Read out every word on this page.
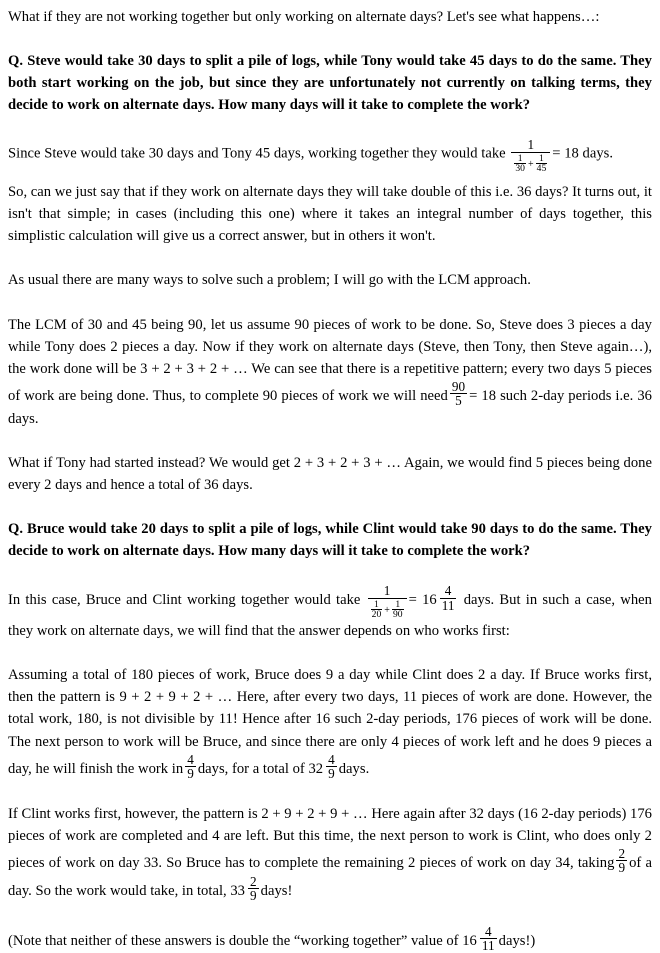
What if they are not working together but only working on alternate days? Let's see what happens…:

Q. Steve would take 30 days to split a pile of logs, while Tony would take 45 days to do the same. They both start working on the job, but since they are unfortunately not currently on talking terms, they decide to work on alternate days. How many days will it take to complete the work?

Since Steve would take 30 days and Tony 45 days, working together they would take $\frac{1}{\frac{1}{30} + \frac{1}{45}} = 18$ days.

So, can we just say that if they work on alternate days they will take double of this i.e. 36 days? It turns out, it isn't that simple; in cases (including this one) where it takes an integral number of days together, this simplistic calculation will give us a correct answer, but in others it won't.

As usual there are many ways to solve such a problem; I will go with the LCM approach.

The LCM of 30 and 45 being 90, let us assume 90 pieces of work to be done. So, Steve does 3 pieces a day while Tony does 2 pieces a day. Now if they work on alternate days (Steve, then Tony, then Steve again…), the work done will be 3 + 2 + 3 + 2 + … We can see that there is a repetitive pattern; every two days 5 pieces of work are being done. Thus, to complete 90 pieces of work we will need $\frac{90}{5} = 18$ such 2-day periods i.e. 36 days.

What if Tony had started instead? We would get 2 + 3 + 2 + 3 + … Again, we would find 5 pieces being done every 2 days and hence a total of 36 days.

Q. Bruce would take 20 days to split a pile of logs, while Clint would take 90 days to do the same. They decide to work on alternate days. How many days will it take to complete the work?

In this case, Bruce and Clint working together would take $\frac{1}{\frac{1}{20} + \frac{1}{90}} = 16 \frac{4}{11}$ days. But in such a case, when they work on alternate days, we will find that the answer depends on who works first:

Assuming a total of 180 pieces of work, Bruce does 9 a day while Clint does 2 a day. If Bruce works first, then the pattern is 9 + 2 + 9 + 2 + … Here, after every two days, 11 pieces of work are done. However, the total work, 180, is not divisible by 11! Hence after 16 such 2-day periods, 176 pieces of work will be done. The next person to work will be Bruce, and since there are only 4 pieces of work left and he does 9 pieces a day, he will finish the work in $\frac{4}{9}$ days, for a total of $32 \frac{4}{9}$ days.

If Clint works first, however, the pattern is 2 + 9 + 2 + 9 + … Here again after 32 days (16 2-day periods) 176 pieces of work are completed and 4 are left. But this time, the next person to work is Clint, who does only 2 pieces of work on day 33. So Bruce has to complete the remaining 2 pieces of work on day 34, taking $\frac{2}{9}$ of a day. So the work would take, in total, $33 \frac{2}{9}$ days!

(Note that neither of these answers is double the “working together” value of $16 \frac{4}{11}$ days!)
